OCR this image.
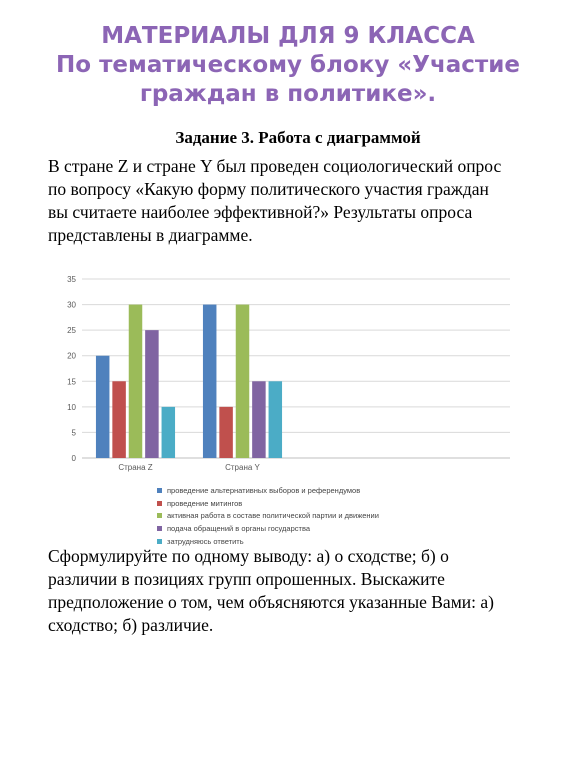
МАТЕРИАЛЫ ДЛЯ 9 КЛАССА
По тематическому блоку «Участие
граждан в политике».
Задание 3. Работа с диаграммой
В стране Z и стране Y был проведен социологический опрос
по вопросу «Какую форму политического участия граждан
вы считаете наиболее эффективной?» Результаты опроса
представлены в диаграмме.
0
5
10
15
20
25
30
35
Страна Z	Страна Y
проведение альтернативных выборов и референдумов
проведение митингов
активная работа в составе политической партии и движении
подача обращений в органы государства
затрудняюсь ответить
Сформулируйте по одному выводу: а) о сходстве; б) о
различии в позициях групп опрошенных. Выскажите
предположение о том, чем объясняются указанные Вами: а)
сходство; б) различие.
